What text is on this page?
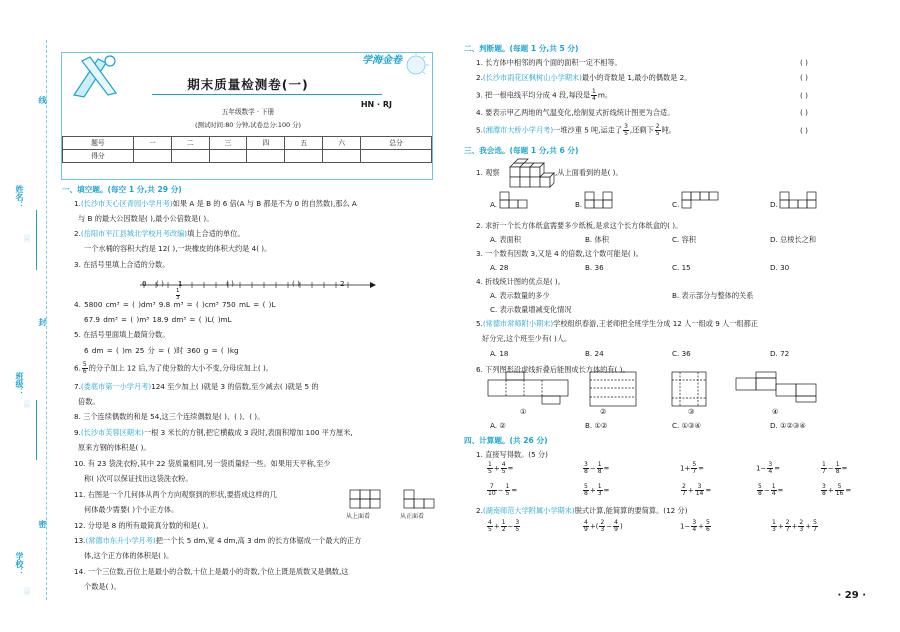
线
封
密
姓名：
班级：
学校：
♕
♕
♕
学海金卷
期末质量检测卷(一)
HN · RJ
五年级数学 · 下册
(测试时间:80 分钟,试卷总分:100 分)
题号	一	二	三	四	五	六	总分
得分							
一、填空题。(每空 1 分,共 29 分)
1.(长沙市天心区青园小学月考)如果 A 是 B 的 6 倍(A 与 B 都是不为 0 的自然数),那么 A
与 B 的最大公因数是( ),最小公倍数是( )。
2.(岳阳市平江县城北学校月考改编)填上合适的单位。
一个水桶的容积大约是 12( ),一块橡皮的体积大约是 4( )。
3. 在括号里填上合适的分数。
0 ( ) 1
1
3
( )	( )	2
4. 5800 cm³ = ( )dm³ 9.8 m³ = ( )cm³ 750 mL = ( )L
67.9 dm³ = ( )m³ 18.9 dm³ = ( )L( )mL
5. 在括号里面填上最简分数。
6 dm = ( )m 25 分 = ( )时 360 g = ( )kg
6. $\frac{5}{6}$ 的分子加上 12 后,为了使分数的大小不变,分母应加上( )。
7.(娄底市第一小学月考)124 至少加上( )就是 3 的倍数,至少减去( )就是 5 的
倍数。
8. 三个连续偶数的和是 54,这三个连续偶数是( )、( )、( )。
9.(长沙市芙蓉区期末)一根 3 米长的方钢,把它横截成 3 段时,表面积增加 100 平方厘米,
原来方钢的体积是( )。
10. 有 23 袋洗衣粉,其中 22 袋质量相同,另一袋质量轻一些。如果用天平称,至少
称( )次可以保证找出这袋洗衣粉。
11. 右图是一个几何体从两个方向观察到的形状,要搭成这样的几
何体最少需要( )个小正方体。
从上面看	从正面看
12. 分母是 8 的所有最简真分数的和是( )。
13.(常德市东升小学月考)把一个长 5 dm,宽 4 dm,高 3 dm 的长方体锯成一个最大的正方
体,这个正方体的体积是( )。
14. 一个三位数,百位上是最小的合数,十位上是最小的奇数,个位上既是质数又是偶数,这
个数是( )。
二、判断题。(每题 1 分,共 5 分)
1. 长方体中相邻的两个面的面积一定不相等。	( )
2.(长沙市雨花区枫树山小学期末)最小的奇数是 1,最小的偶数是 2。	( )
3. 把一根电线平均分成 4 段,每段是 $\frac{1}{4}$ m。	( )
4. 要表示甲乙两地的气温变化,绘制复式折线统计图更为合适。	( )
5.(湘潭市大桥小学月考)一堆沙重 5 吨,运走了 $\frac{3}{5}$ ,还剩下 $\frac{2}{5}$ 吨。	( )
三、我会选。(每题 1 分,共 6 分)
1. 观察	,从上面看到的是( )。
A.	B.	C.	D.
2. 求折一个长方体纸盒需要多少纸板,是求这个长方体纸盒的( )。
A. 表面积	B. 体积	C. 容积	D. 总棱长之和
3. 一个数有因数 3,又是 4 的倍数,这个数可能是( )。
A. 28	B. 36	C. 15	D. 30
4. 折线统计图的优点是( )。
A. 表示数量的多少	B. 表示部分与整体的关系
C. 表示数量增减变化情况
5.(常德市常师附小期末)学校组织春游,王老师把全班学生分成 12 人一组或 9 人一组都正
好分完,这个班至少有( )人。
A. 18	B. 24	C. 36	D. 72
6. 下列图形沿虚线折叠后能围成长方体的有( )。
①	②	③	④
A. ②	B. ①②	C. ①③④	D. ①②③④
四、计算题。(共 26 分)
1. 直接写得数。(5 分)
$\frac{1}{5} + \frac{4}{5}$ =	$\frac{3}{8} - \frac{1}{8}$ =	$1+ \frac{5}{7}$ =	$1- \frac{3}{4}$ =	$\frac{1}{7} - \frac{1}{8}$ =
$\frac{7}{10} - \frac{1}{5}$ =	$\frac{5}{8} + \frac{1}{3}$ =	$\frac{2}{7} + \frac{3}{14}$ =	$\frac{5}{8} - \frac{1}{4}$ =	$\frac{3}{8} + \frac{5}{16}$ =
2.(湖南师范大学附属小学期末)脱式计算,能简算的要简算。(12 分)
$\frac{4}{5} + \frac{1}{2} - \frac{3}{5}$	$\frac{4}{9}$ +( $\frac{2}{3} - \frac{4}{9}$ )	$1- \frac{3}{4} + \frac{5}{6}$	$\frac{1}{3} + \frac{2}{7} + \frac{2}{3} + \frac{5}{7}$
· 29 ·
